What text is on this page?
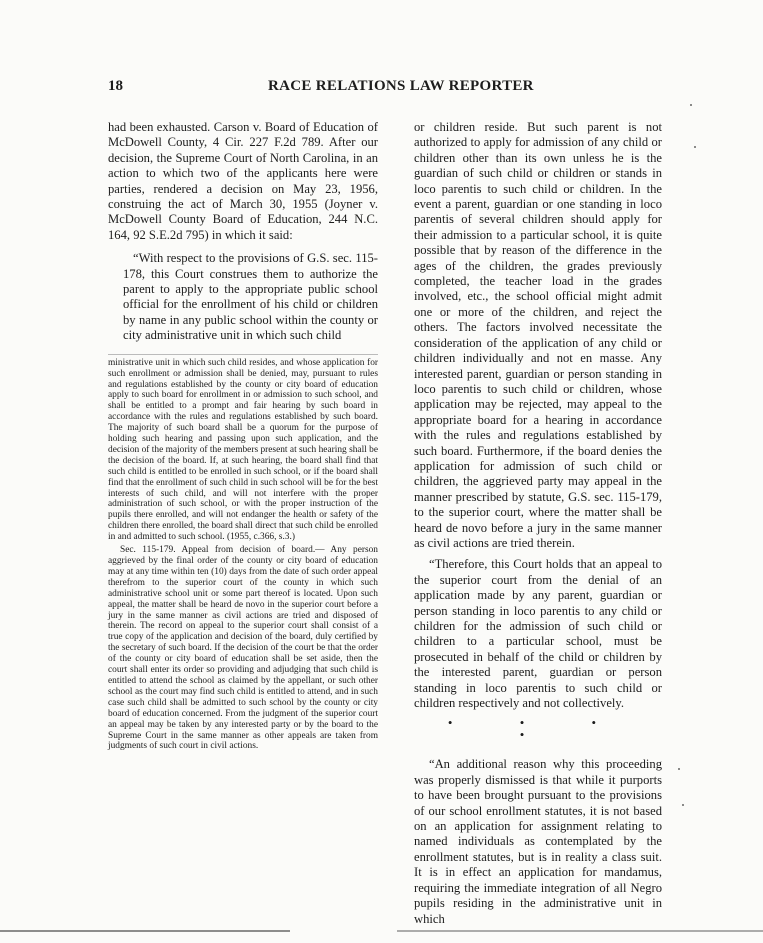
18	RACE RELATIONS LAW REPORTER

had been exhausted. Carson v. Board of Education of McDowell County, 4 Cir. 227 F.2d 789. After our decision, the Supreme Court of North Carolina, in an action to which two of the applicants here were parties, rendered a decision on May 23, 1956, construing the act of March 30, 1955 (Joyner v. McDowell County Board of Education, 244 N.C. 164, 92 S.E.2d 795) in which it said:

“With respect to the provisions of G.S. sec. 115-178, this Court construes them to authorize the parent to apply to the appropriate public school official for the enrollment of his child or children by name in any public school within the county or city administrative unit in which such child

ministrative unit in which such child resides, and whose application for such enrollment or admission shall be denied, may, pursuant to rules and regulations established by the county or city board of education apply to such board for enrollment in or admission to such school, and shall be entitled to a prompt and fair hearing by such board in accordance with the rules and regulations established by such board. The majority of such board shall be a quorum for the purpose of holding such hearing and passing upon such application, and the decision of the majority of the members present at such hearing shall be the decision of the board. If, at such hearing, the board shall find that such child is entitled to be enrolled in such school, or if the board shall find that the enrollment of such child in such school will be for the best interests of such child, and will not interfere with the proper administration of such school, or with the proper instruction of the pupils there enrolled, and will not endanger the health or safety of the children there enrolled, the board shall direct that such child be enrolled in and admitted to such school. (1955, c.366, s.3.)

Sec. 115-179. Appeal from decision of board.— Any person aggrieved by the final order of the county or city board of education may at any time within ten (10) days from the date of such order appeal therefrom to the superior court of the county in which such administrative school unit or some part thereof is located. Upon such appeal, the matter shall be heard de novo in the superior court before a jury in the same manner as civil actions are tried and disposed of therein. The record on appeal to the superior court shall consist of a true copy of the application and decision of the board, duly certified by the secretary of such board. If the decision of the court be that the order of the county or city board of education shall be set aside, then the court shall enter its order so providing and adjudging that such child is entitled to attend the school as claimed by the appellant, or such other school as the court may find such child is entitled to attend, and in such case such child shall be admitted to such school by the county or city board of education concerned. From the judgment of the superior court an appeal may be taken by any interested party or by the board to the Supreme Court in the same manner as other appeals are taken from judgments of such court in civil actions.

or children reside. But such parent is not authorized to apply for admission of any child or children other than its own unless he is the guardian of such child or children or stands in loco parentis to such child or children. In the event a parent, guardian or one standing in loco parentis of several children should apply for their admission to a particular school, it is quite possible that by reason of the difference in the ages of the children, the grades previously completed, the teacher load in the grades involved, etc., the school official might admit one or more of the children, and reject the others. The factors involved necessitate the consideration of the application of any child or children individually and not en masse. Any interested parent, guardian or person standing in loco parentis to such child or children, whose application may be rejected, may appeal to the appropriate board for a hearing in accordance with the rules and regulations established by such board. Furthermore, if the board denies the application for admission of such child or children, the aggrieved party may appeal in the manner prescribed by statute, G.S. sec. 115-179, to the superior court, where the matter shall be heard de novo before a jury in the same manner as civil actions are tried therein.

“Therefore, this Court holds that an appeal to the superior court from the denial of an application made by any parent, guardian or person standing in loco parentis to any child or children for the admission of such child or children to a particular school, must be prosecuted in behalf of the child or children by the interested parent, guardian or person standing in loco parentis to such child or children respectively and not collectively.

• • • •

“An additional reason why this proceeding was properly dismissed is that while it purports to have been brought pursuant to the provisions of our school enrollment statutes, it is not based on an application for assignment relating to named individuals as contemplated by the enrollment statutes, but is in reality a class suit. It is in effect an application for mandamus, requiring the immediate integration of all Negro pupils residing in the administrative unit in which
